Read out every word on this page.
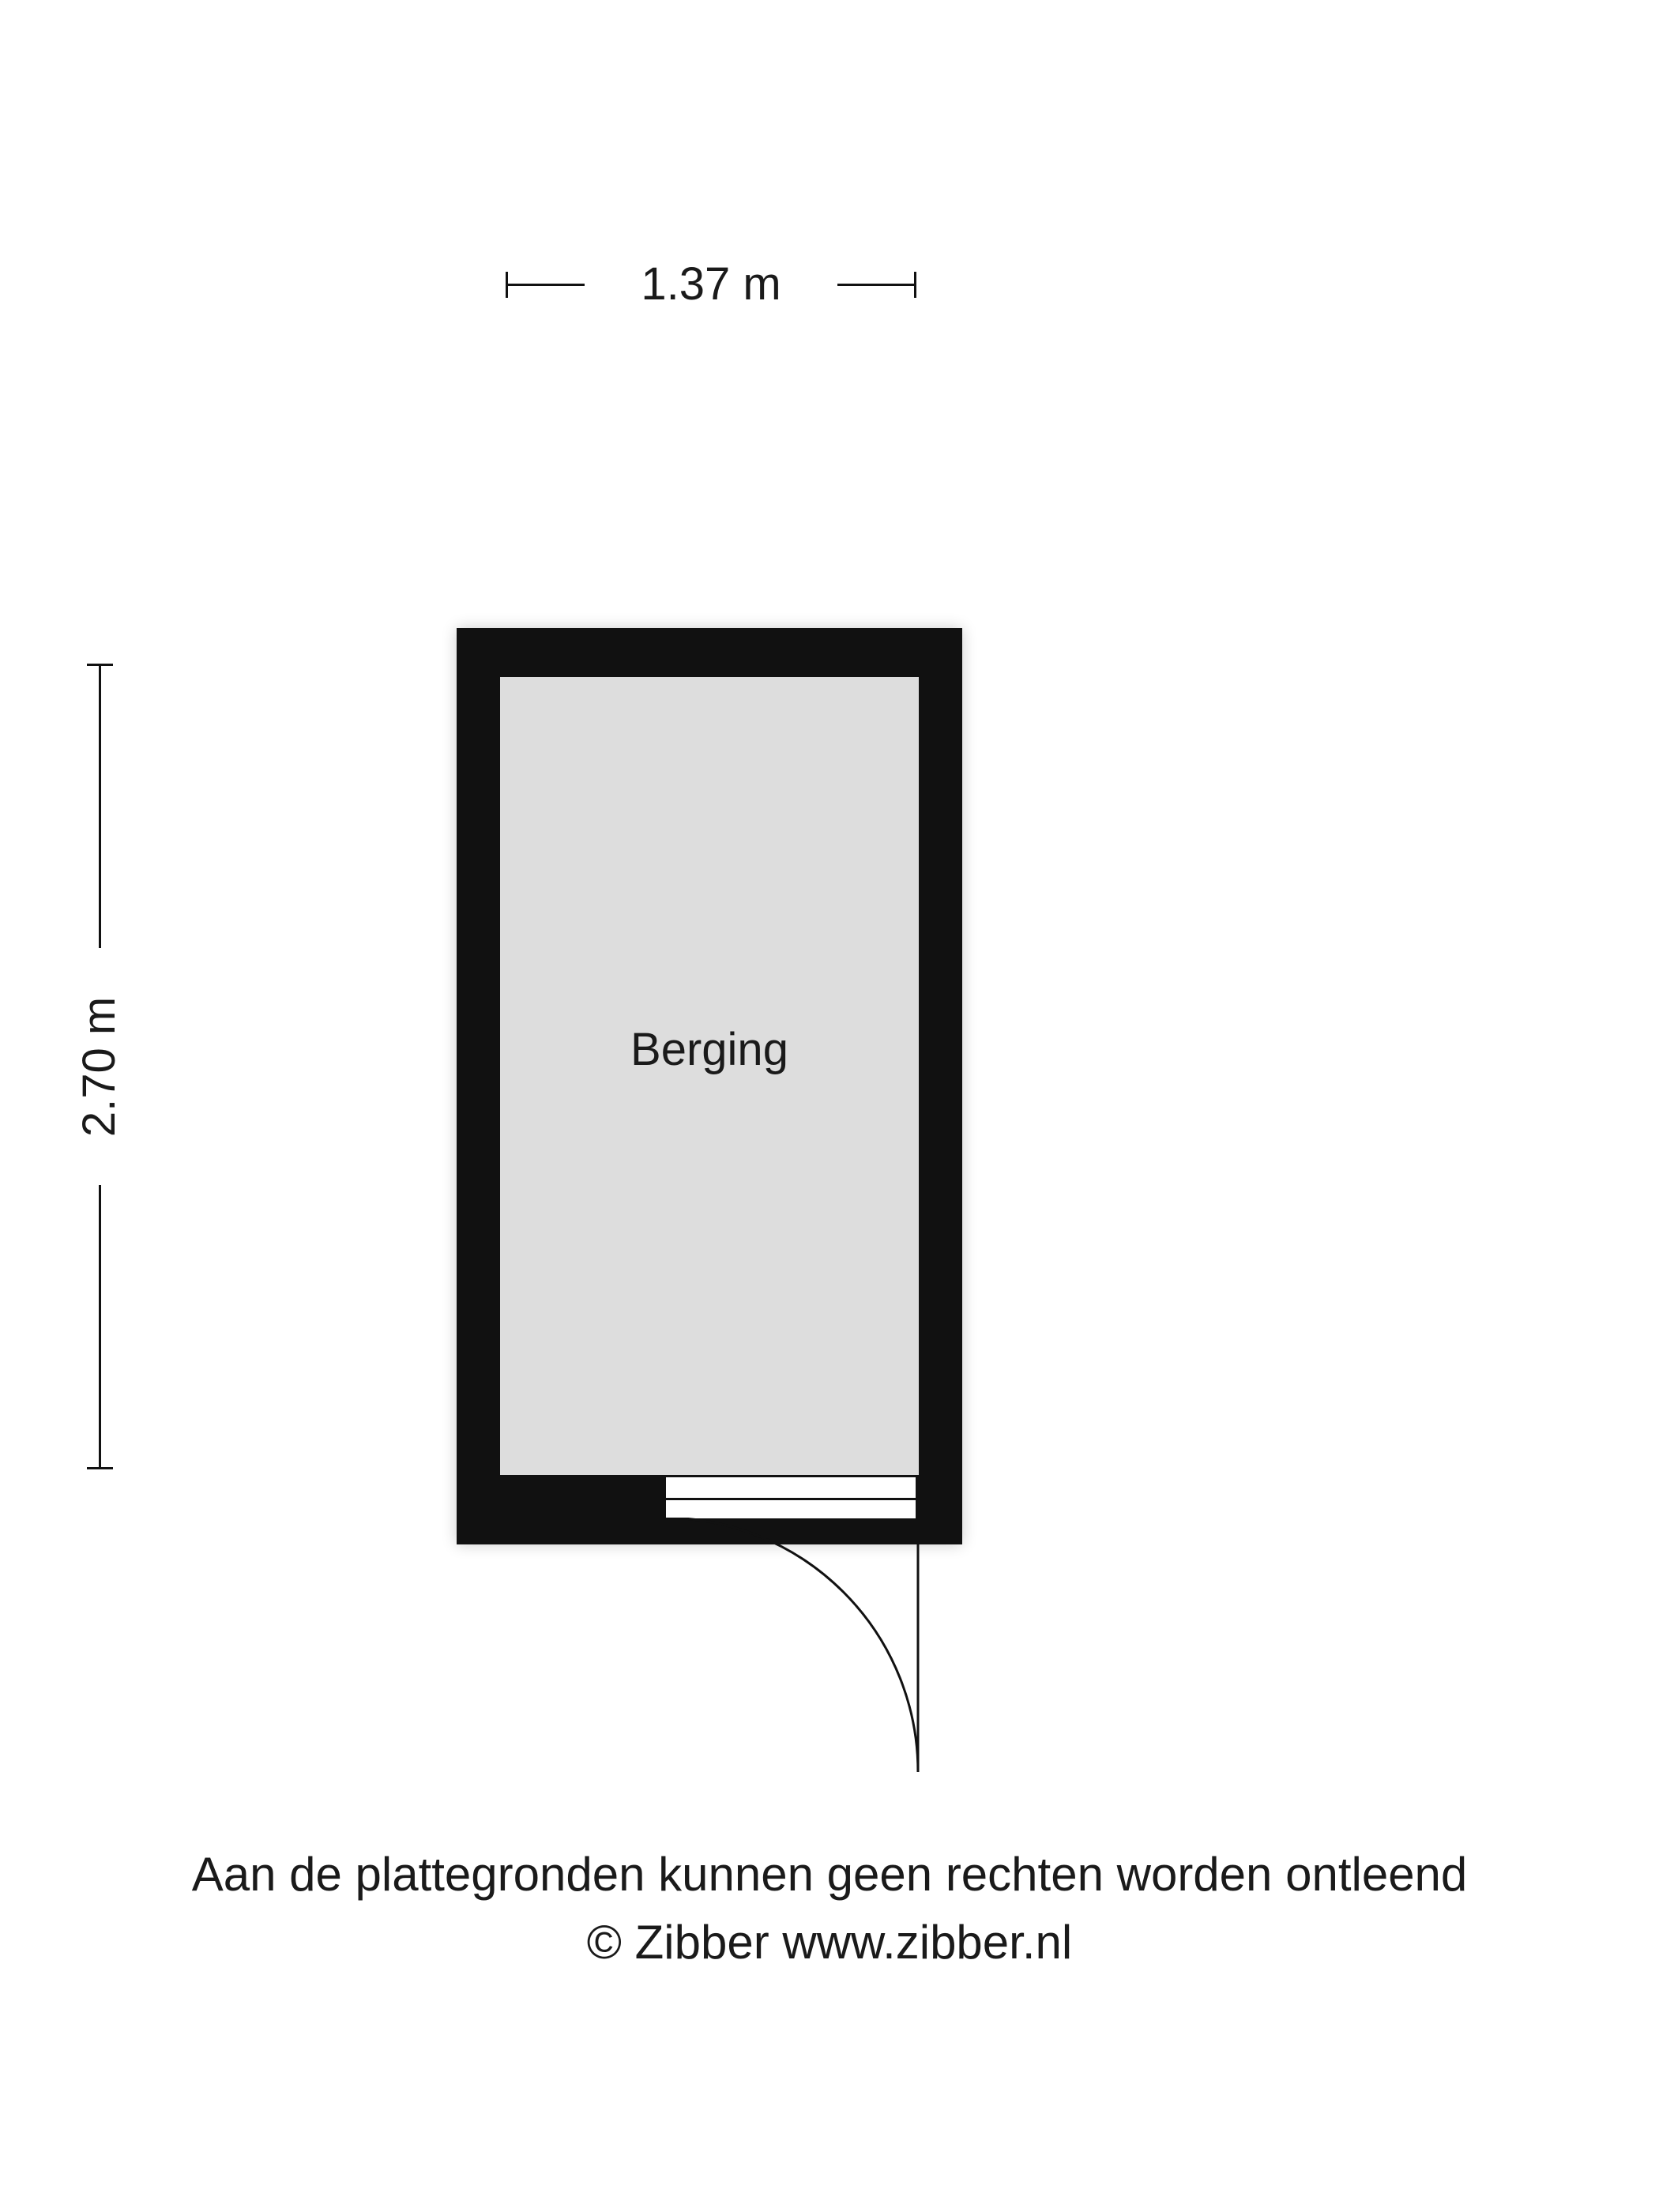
1.37 m
2.70 m	Berging
Aan de plattegronden kunnen geen rechten worden ontleend
© Zibber www.zibber.nl
